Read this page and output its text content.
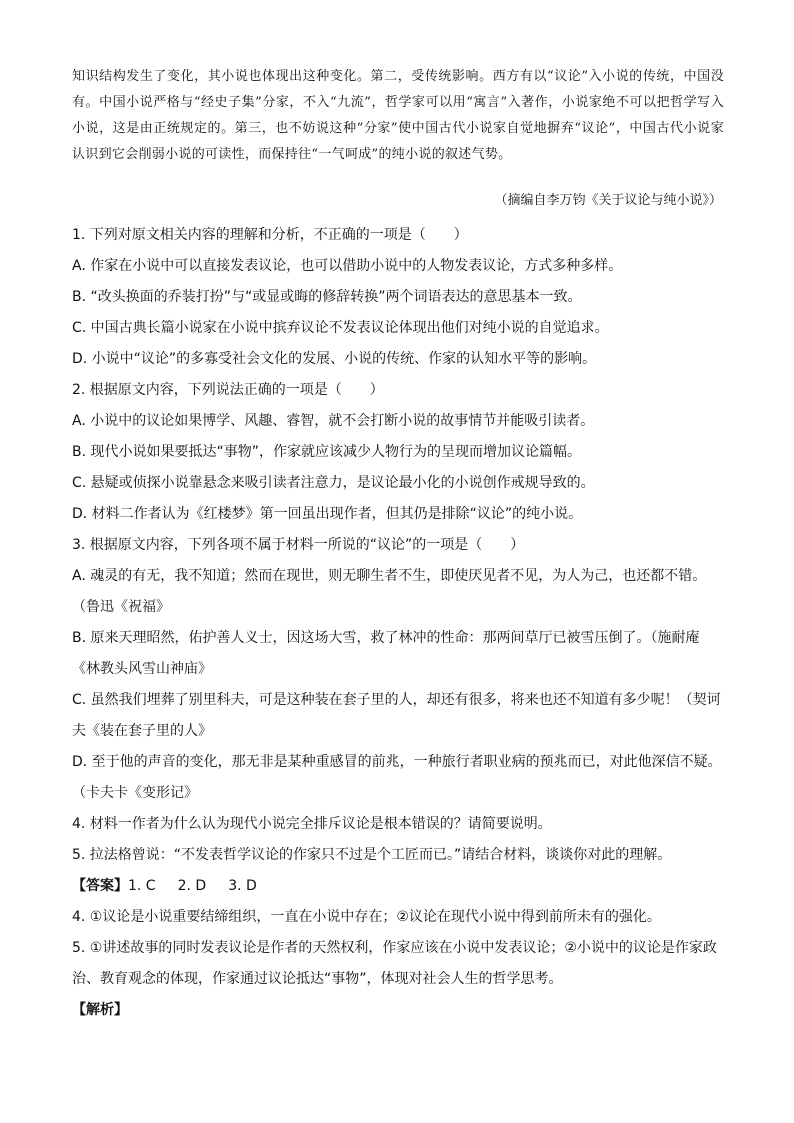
知识结构发生了变化，其小说也体现出这种变化。第二，受传统影响。西方有以“议论”入小说的传统，中国没有。中国小说严格与“经史子集”分家，不入“九流”，哲学家可以用“寓言”入著作，小说家绝不可以把哲学写入小说，这是由正统规定的。第三，也不妨说这种“分家”使中国古代小说家自觉地摒弃“议论”，中国古代小说家认识到它会削弱小说的可读性，而保持往“一气呵成”的纯小说的叙述气势。

（摘编自李万钧《关于议论与纯小说》）

1. 下列对原文相关内容的理解和分析，不正确的一项是（　　）

A. 作家在小说中可以直接发表议论，也可以借助小说中的人物发表议论，方式多种多样。

B. “改头换面的乔装打扮”与“或显或晦的修辞转换”两个词语表达的意思基本一致。

C. 中国古典长篇小说家在小说中摈弃议论不发表议论体现出他们对纯小说的自觉追求。

D. 小说中“议论”的多寡受社会文化的发展、小说的传统、作家的认知水平等的影响。

2. 根据原文内容，下列说法正确的一项是（　　）

A. 小说中的议论如果博学、风趣、睿智，就不会打断小说的故事情节并能吸引读者。

B. 现代小说如果要抵达“事物”，作家就应该减少人物行为的呈现而增加议论篇幅。

C. 悬疑或侦探小说靠悬念来吸引读者注意力，是议论最小化的小说创作戒规导致的。

D. 材料二作者认为《红楼梦》第一回虽出现作者，但其仍是排除“议论”的纯小说。

3. 根据原文内容，下列各项不属于材料一所说的“议论”的一项是（　　）

A. 魂灵的有无，我不知道；然而在现世，则无聊生者不生，即使厌见者不见，为人为己，也还都不错。（鲁迅《祝福》

B. 原来天理昭然，佑护善人义士，因这场大雪，救了林冲的性命：那两间草厅已被雪压倒了。（施耐庵《林教头风雪山神庙》

C. 虽然我们埋葬了别里科夫，可是这种装在套子里的人，却还有很多，将来也还不知道有多少呢！（契诃夫《装在套子里的人》

D. 至于他的声音的变化，那无非是某种重感冒的前兆，一种旅行者职业病的预兆而已，对此他深信不疑。（卡夫卡《变形记》

4. 材料一作者为什么认为现代小说完全排斥议论是根本错误的？请简要说明。

5. 拉法格曾说：“不发表哲学议论的作家只不过是个工匠而已。”请结合材料，谈谈你对此的理解。

【答案】1. C 2. D 3. D

4. ①议论是小说重要结缔组织，一直在小说中存在；②议论在现代小说中得到前所未有的强化。

5. ①讲述故事的同时发表议论是作者的天然权利，作家应该在小说中发表议论；②小说中的议论是作家政治、教育观念的体现，作家通过议论抵达“事物”，体现对社会人生的哲学思考。

【解析】
